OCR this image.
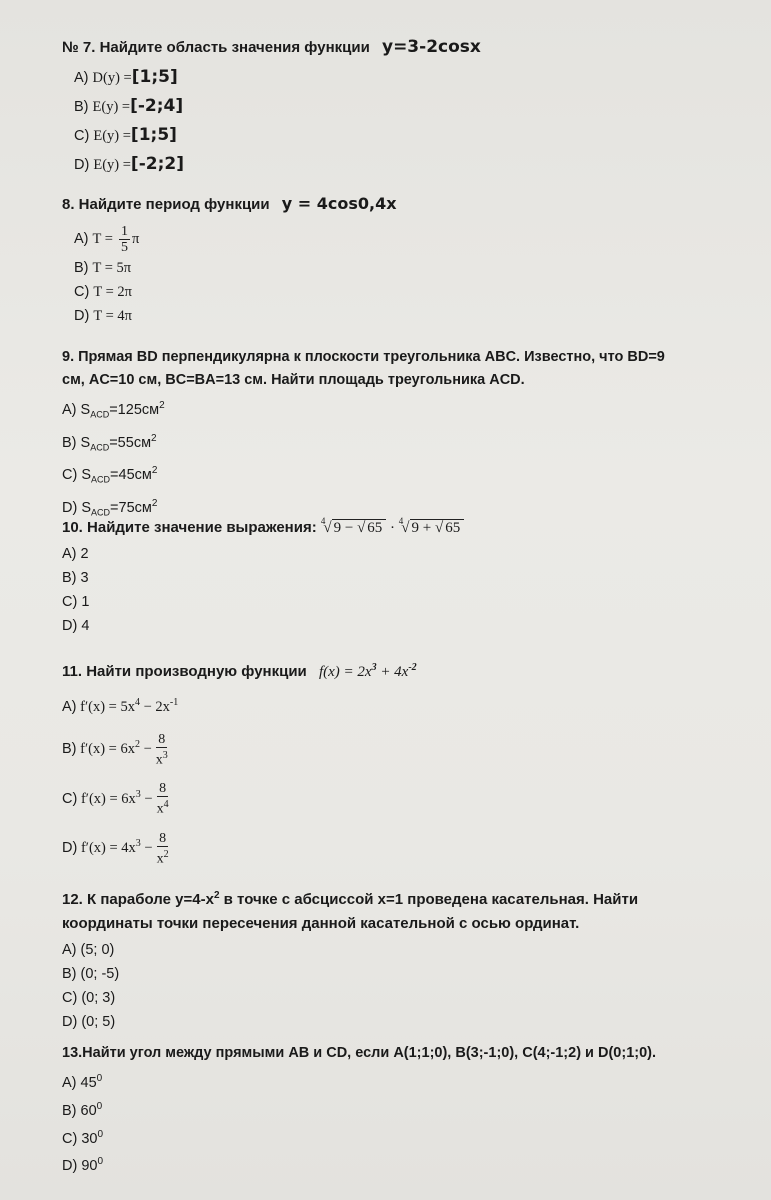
№ 7. Найдите область значения функции y=3-2cosx
A) D(y) =[1;5]
B) E(y) =[-2;4]
C) E(y) =[1;5]
D) E(y) =[-2;2]
8. Найдите период функции y = 4cos0,4x
A) $T = \frac{1}{5}$ π
B) T = 5π
C) T = 2π
D) T = 4π
9. Прямая BD перпендикулярна к плоскости треугольника ABC. Известно, что BD=9
см, AC=10 см, BC=BA=13 см. Найти площадь треугольника ACD.
A) $S_{ACD}=125см^2$
B) $S_{ACD}=55см^2$
C) $S_{ACD}=45см^2$
D) $S_{ACD}=75см^2$
10. Найдите значение выражения: $^4$√ 9 − √ 65 · $^4$√ 9 + √ 65
A) 2
B) 3
C) 1
D) 4
11. Найти производную функции $f(x) = 2x^3 + 4x^{-2}$
A) $f'(x) = 5x^4 - 2x^{-1}$
B) $f'(x) = 6x^2 - \frac{8}{x^3}$
C) $f'(x) = 6x^3 - \frac{8}{x^4}$
D) $f'(x) = 4x^3 - \frac{8}{x^2}$
12. К параболе $y=4-x^2$ в точке с абсциссой x=1 проведена касательная. Найти
координаты точки пересечения данной касательной с осью ординат.
A) (5; 0)
B) (0; -5)
C) (0; 3)
D) (0; 5)
13.Найти угол между прямыми AB и CD, если A(1;1;0), B(3;-1;0), C(4;-1;2) и D(0;1;0).
A) $45^0$
B) $60^0$
C) $30^0$
D) $90^0$
